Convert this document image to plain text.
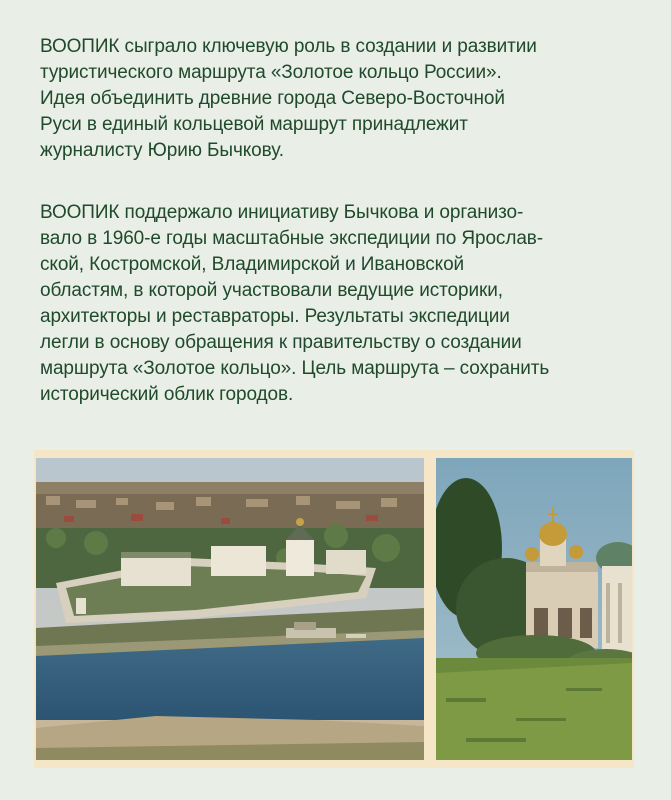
ВООПИК сыграло ключевую роль в создании и развитии
туристического маршрута «Золотое кольцо России».
Идея объединить древние города Северо-Восточной
Руси в единый кольцевой маршрут принадлежит
журналисту Юрию Бычкову.
ВООПИК поддержало инициативу Бычкова и организо-
вало в 1960-е годы масштабные экспедиции по Ярослав-
ской, Костромской, Владимирской и Ивановской
областям, в которой участвовали ведущие историки,
архитекторы и реставраторы. Результаты экспедиции
легли в основу обращения к правительству о создании
маршрута «Золотое кольцо». Цель маршрута – сохранить
исторический облик городов.
